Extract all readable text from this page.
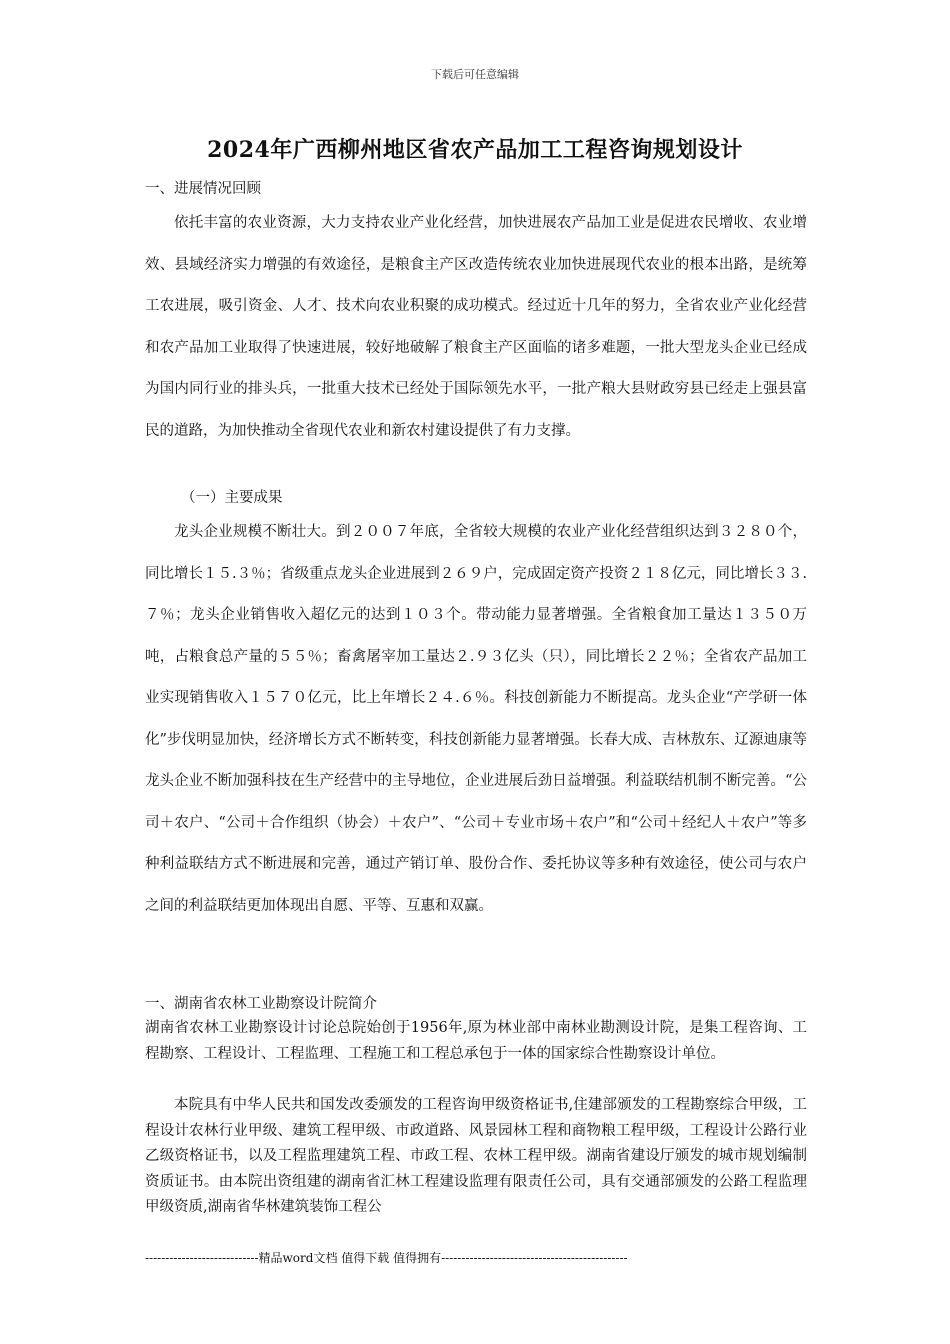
下载后可任意编辑
2024年广西柳州地区省农产品加工工程咨询规划设计
一、进展情况回顾

依托丰富的农业资源，大力支持农业产业化经营，加快进展农产品加工业是促进农民增收、农业增效、县域经济实力增强的有效途径，是粮食主产区改造传统农业加快进展现代农业的根本出路，是统筹工农进展，吸引资金、人才、技术向农业积聚的成功模式。经过近十几年的努力，全省农业产业化经营和农产品加工业取得了快速进展，较好地破解了粮食主产区面临的诸多难题，一批大型龙头企业已经成为国内同行业的排头兵，一批重大技术已经处于国际领先水平，一批产粮大县财政穷县已经走上强县富民的道路，为加快推动全省现代农业和新农村建设提供了有力支撑。

（一）主要成果

龙头企业规模不断壮大。到２００７年底，全省较大规模的农业产业化经营组织达到３２８０个，同比增长１５.３％；省级重点龙头企业进展到２６９户，完成固定资产投资２１８亿元，同比增长３３.７％；龙头企业销售收入超亿元的达到１０３个。带动能力显著增强。全省粮食加工量达１３５０万吨，占粮食总产量的５５％；畜禽屠宰加工量达２.９３亿头（只），同比增长２２％；全省农产品加工业实现销售收入１５７０亿元，比上年增长２４.６％。科技创新能力不断提高。龙头企业“产学研一体化”步伐明显加快，经济增长方式不断转变，科技创新能力显著增强。长春大成、吉林敖东、辽源迪康等龙头企业不断加强科技在生产经营中的主导地位，企业进展后劲日益增强。利益联结机制不断完善。“公司＋农户、“公司＋合作组织（协会）＋农户”、“公司＋专业市场＋农户”和“公司＋经纪人＋农户”等多种利益联结方式不断进展和完善，通过产销订单、股份合作、委托协议等多种有效途径，使公司与农户之间的利益联结更加体现出自愿、平等、互惠和双赢。

一、湖南省农林工业勘察设计院简介

湖南省农林工业勘察设计讨论总院始创于1956年,原为林业部中南林业勘测设计院，是集工程咨询、工程勘察、工程设计、工程监理、工程施工和工程总承包于一体的国家综合性勘察设计单位。

本院具有中华人民共和国发改委颁发的工程咨询甲级资格证书,住建部颁发的工程勘察综合甲级，工程设计农林行业甲级、建筑工程甲级、市政道路、风景园林工程和商物粮工程甲级，工程设计公路行业乙级资格证书，以及工程监理建筑工程、市政工程、农林工程甲级。湖南省建设厅颁发的城市规划编制资质证书。由本院出资组建的湖南省汇林工程建设监理有限责任公司，具有交通部颁发的公路工程监理甲级资质,湖南省华林建筑装饰工程公

----------------------------精品word文档 值得下载 值得拥有----------------------------------------------
